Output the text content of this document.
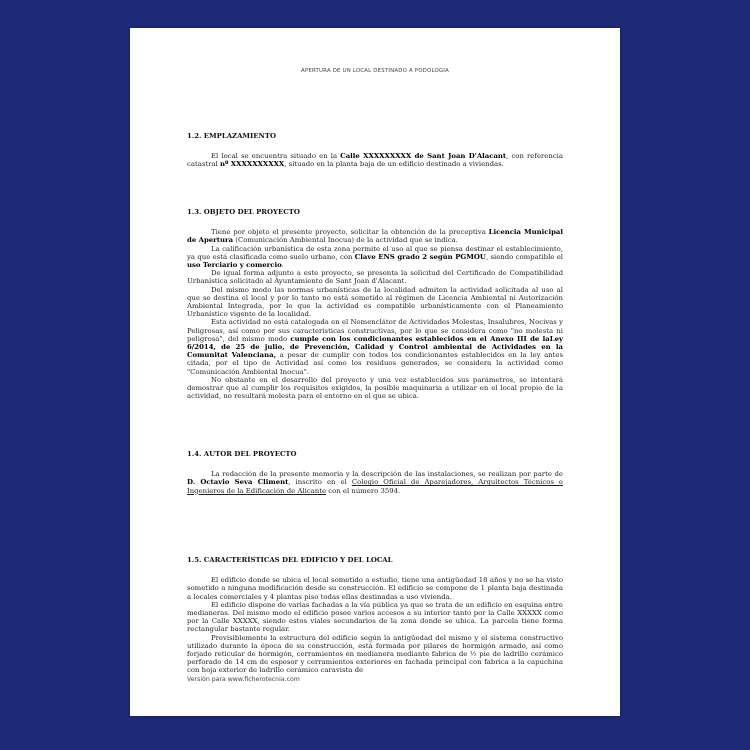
APERTURA DE UN LOCAL DESTINADO A PODOLOGIA
1.2. EMPLAZAMIENTO

El local se encuentra situado en la Calle XXXXXXXXX de Sant Joan D'Alacant, con referencia catastral nº XXXXXXXXXX, situado en la planta baja de un edificio destinado a viviendas.

1.3. OBJETO DEL PROYECTO

Tiene por objeto el presente proyecto, solicitar la obtención de la preceptiva Licencia Municipal de Apertura (Comunicación Ambiental Inocua) de la actividad que se indica.

La calificación urbanística de esta zona permite el uso al que se piensa destinar el establecimiento, ya que está clasificada como suelo urbano, con Clave ENS grado 2 según PGMOU, siendo compatible el uso Terciario y comercio.

De igual forma adjunto a este proyecto, se presenta la solicitud del Certificado de Compatibilidad Urbanística solicitado al Ayuntamiento de Sant Joan d'Alacant.

Del mismo modo las normas urbanísticas de la localidad admiten la actividad solicitada al uso al que se destina el local y por lo tanto no está sometido al régimen de Licencia Ambiental ni Autorización Ambiental Integrada, por lo que la actividad es compatible urbanísticamente con el Planeamiento Urbanístico vigente de la localidad.

Esta actividad no está catalogada en el Nomenclátor de Actividades Molestas, Insalubres, Nocivas y Peligrosas, así como por sus características constructivas, por lo que se considera como "no molesta ni peligrosa", del mismo modo cumple con los condicionantes establecidos en el Anexo III de laLey 6/2014, de 25 de julio, de Prevención, Calidad y Control ambiental de Actividades en la Comunitat Valenciana, a pesar de cumplir con todos los condicionantes establecidos en la ley antes citada, por el tipo de Actividad así como los residuos generados, se considera la actividad como "Comunicación Ambiental Inocua".

No obstante en el desarrollo del proyecto y una vez establecidos sus parámetros, se intentará demostrar que al cumplir los requisitos exigidos, la posible maquinaria a utilizar en el local propio de la actividad, no resultará molesta para el entorno en el que se ubica.

1.4. AUTOR DEL PROYECTO

La redacción de la presente memoria y la descripción de las instalaciones, se realizan por parte de D. Octavio Seva Climent, inscrito en el Colegio Oficial de Aparejadores, Arquitectos Técnicos e Ingenieros de la Edificación de Alicante con el número 3594.

1.5. CARACTERÍSTICAS DEL EDIFICIO Y DEL LOCAL

El edificio donde se ubica el local sometido a estudio, tiene una antigüedad 18 años y no se ha visto sometido a ninguna modificación desde su construcción. El edificio se compone de 1 planta baja destinada a locales comerciales y 4 plantas piso todas ellas destinadas a uso vivienda.

El edificio dispone de varias fachadas a la vía pública ya que se trata de un edificio en esquina entre medianeras. Del mismo modo el edificio posee varios accesos a su interior tanto por la Calle XXXXX como por la Calle XXXXX, siendo estos viales secundarios de la zona donde se ubica. La parcela tiene forma rectangular bastante regular.

Previsiblemente la estructura del edificio según la antigüedad del mismo y el sistema constructivo utilizado durante la época de su construcción, está formada por pilares de hormigón armado, así como forjado reticular de hormigón, cerramientos en medianera mediante fabrica de ½ pie de ladrillo cerámico perforado de 14 cm de espesor y cerramientos exteriores en fachada principal con fabrica a la capuchina con hoja exterior de ladrillo cerámico caravista de

Versión para www.ficherotecnia.com
